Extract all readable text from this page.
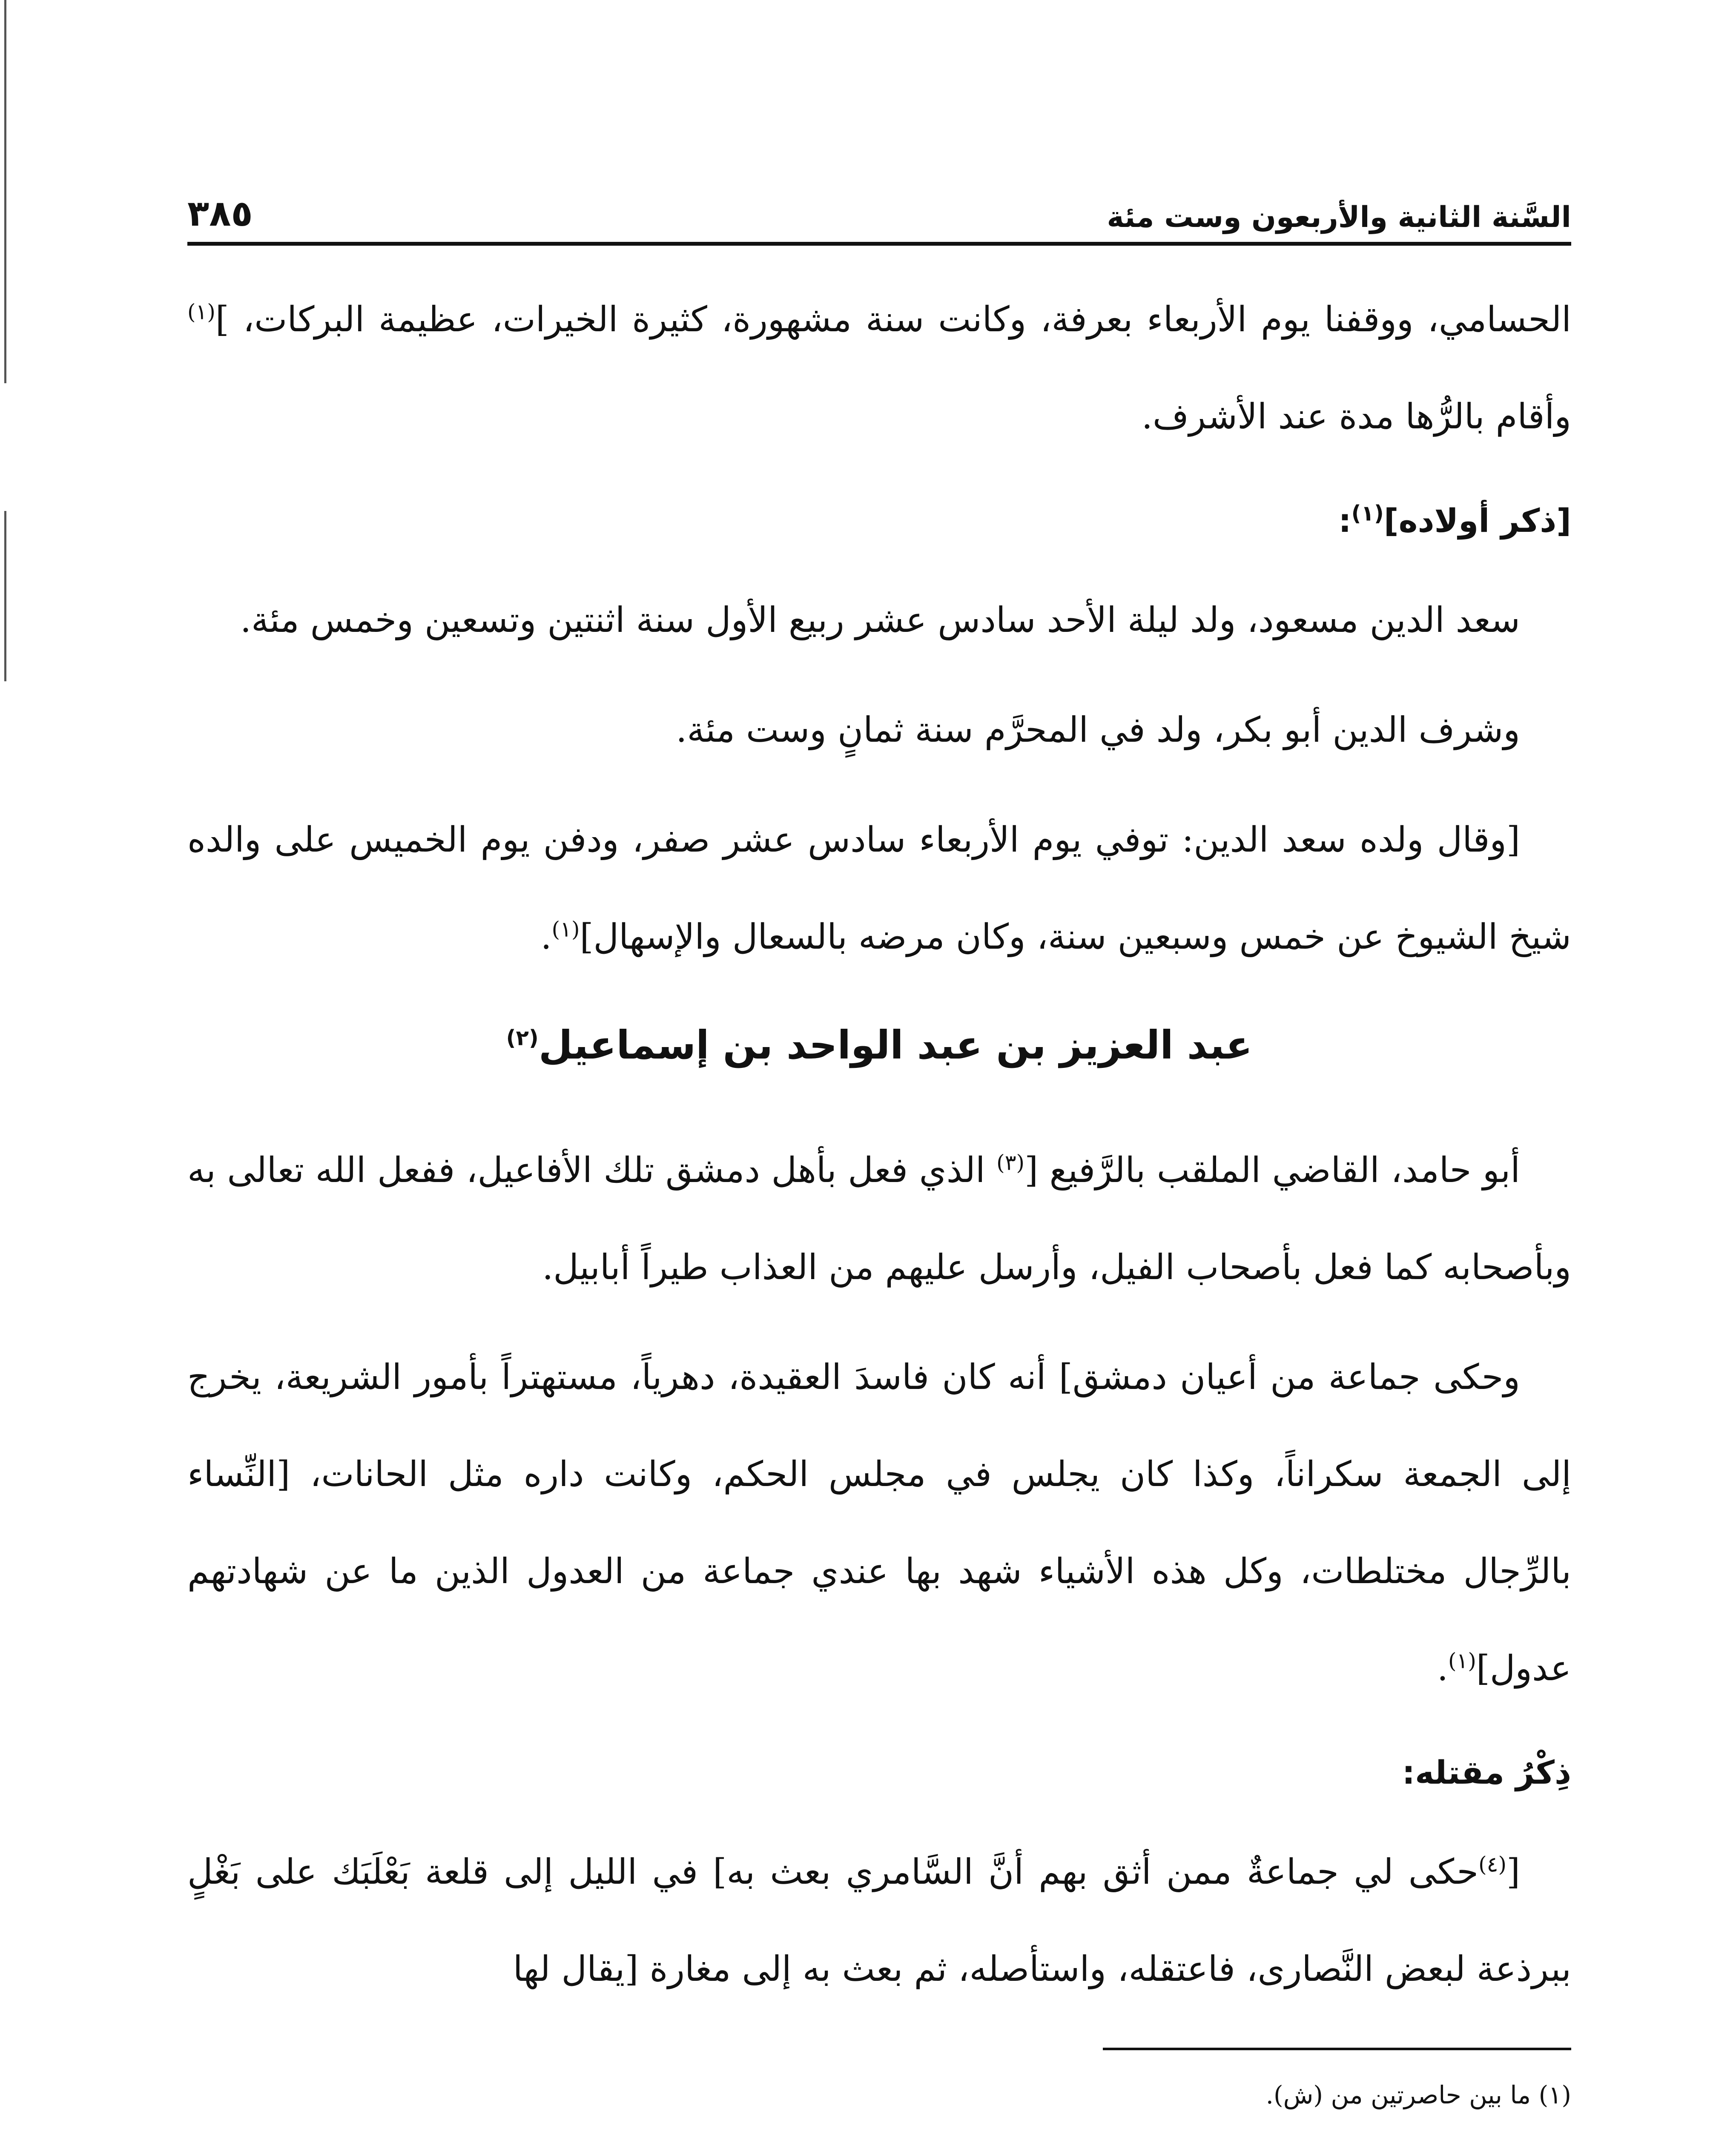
السَّنة الثانية والأربعون وست مئة
٣٨٥

الحسامي، ووقفنا يوم الأربعاء بعرفة، وكانت سنة مشهورة، كثيرة الخيرات، عظيمة البركات، ]$^{(١)}$ وأقام بالرُّها مدة عند الأشرف.

[ذكر أولاده]$^{(١)}$:

سعد الدين مسعود، ولد ليلة الأحد سادس عشر ربيع الأول سنة اثنتين وتسعين وخمس مئة.

وشرف الدين أبو بكر، ولد في المحرَّم سنة ثمانٍ وست مئة.

[وقال ولده سعد الدين: توفي يوم الأربعاء سادس عشر صفر، ودفن يوم الخميس على والده شيخ الشيوخ عن خمس وسبعين سنة، وكان مرضه بالسعال والإسهال]$^{(١)}$.

عبد العزيز بن عبد الواحد بن إسماعيل$^{(٢)}$

أبو حامد، القاضي الملقب بالرَّفيع [$^{(٣)}$ الذي فعل بأهل دمشق تلك الأفاعيل، ففعل الله تعالى به وبأصحابه كما فعل بأصحاب الفيل، وأرسل عليهم من العذاب طيراً أبابيل.

وحكى جماعة من أعيان دمشق] أنه كان فاسدَ العقيدة، دهرياً، مستهتراً بأمور الشريعة، يخرج إلى الجمعة سكراناً، وكذا كان يجلس في مجلس الحكم، وكانت داره مثل الحانات، [النِّساء بالرِّجال مختلطات، وكل هذه الأشياء شهد بها عندي جماعة من العدول الذين ما عن شهادتهم عدول]$^{(١)}$.

ذِكْرُ مقتله:

[$^{(٤)}$حكى لي جماعةٌ ممن أثق بهم أنَّ السَّامري بعث به] في الليل إلى قلعة بَعْلَبَك على بَغْلٍ ببرذعة لبعض النَّصارى، فاعتقله، واستأصله، ثم بعث به إلى مغارة [يقال لها

(١) ما بين حاصرتين من (ش).
